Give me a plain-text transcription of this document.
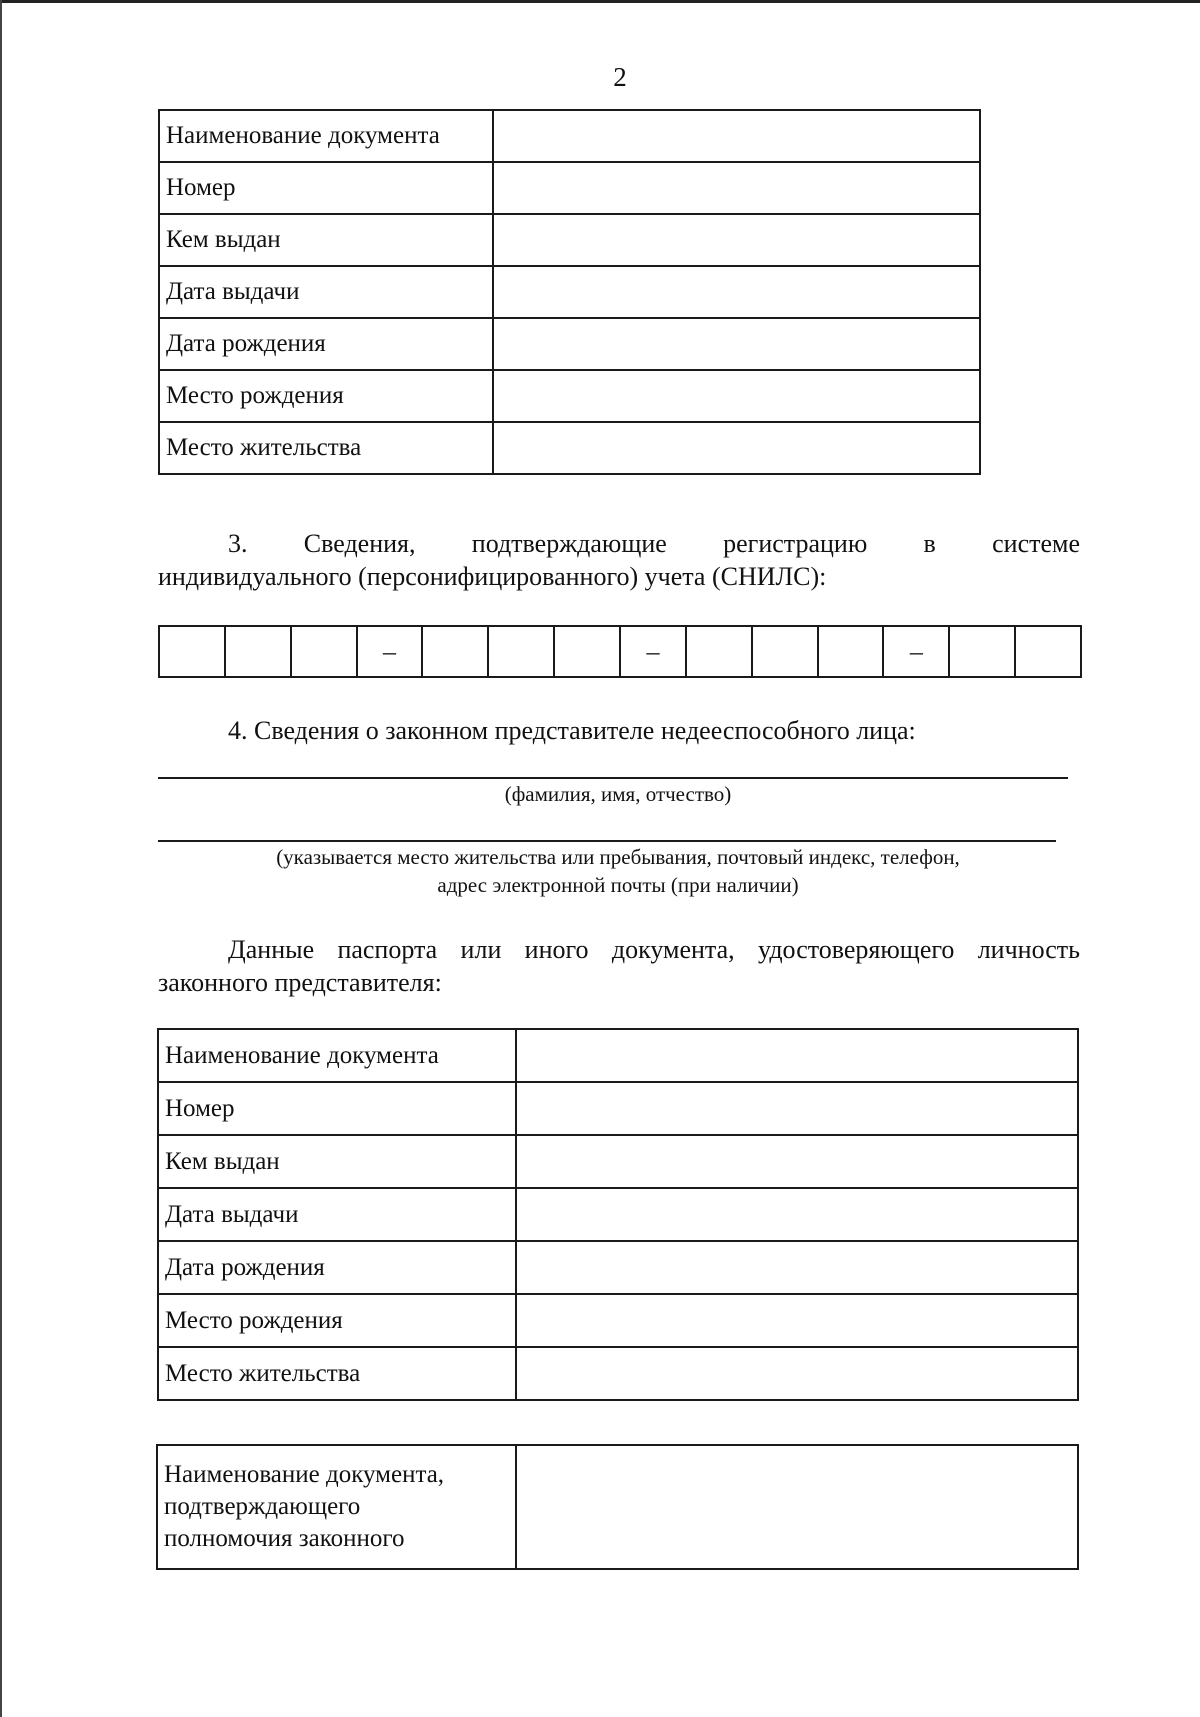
2
Наименование документа	
Номер	
Кем выдан	
Дата выдачи	
Дата рождения	
Место рождения	
Место жительства	
3. Сведения, подтверждающие регистрацию в системе
индивидуального (персонифицированного) учета (СНИЛС):
–	–	–
4. Сведения о законном представителе недееспособного лица:
(фамилия, имя, отчество)
(указывается место жительства или пребывания, почтовый индекс, телефон,
адрес электронной почты (при наличии)
Данные паспорта или иного документа, удостоверяющего личность
законного представителя:
Наименование документа	
Номер	
Кем выдан	
Дата выдачи	
Дата рождения	
Место рождения	
Место жительства	
Наименование документа,
подтверждающего
полномочия законного
